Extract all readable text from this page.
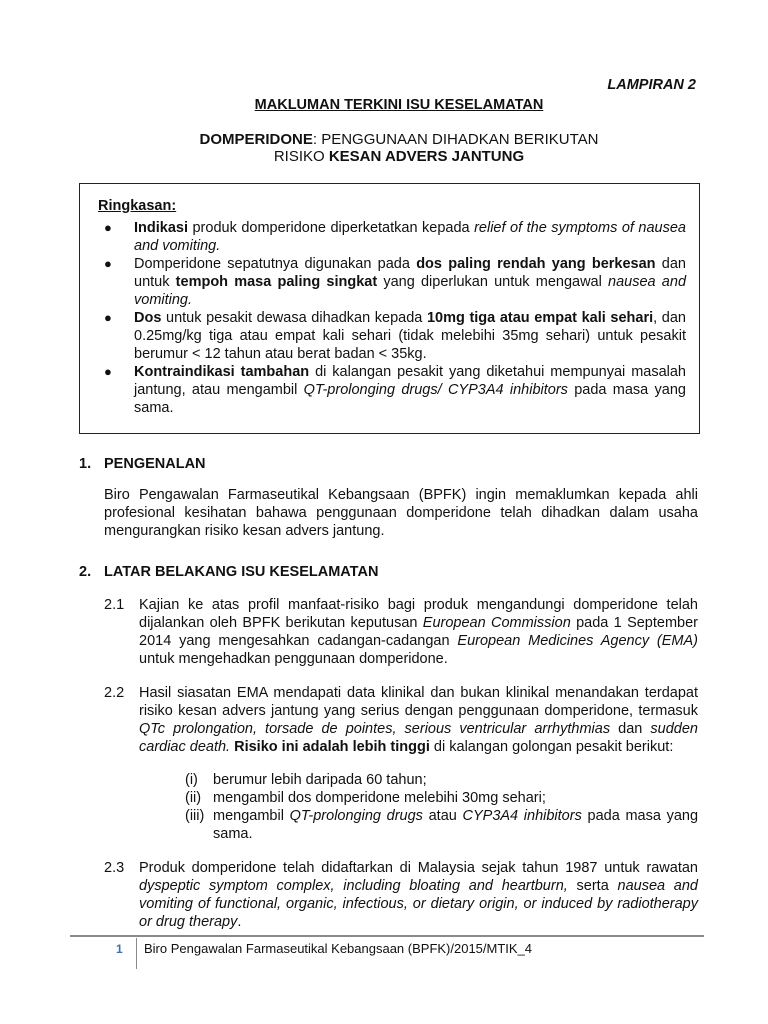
LAMPIRAN 2
MAKLUMAN TERKINI ISU KESELAMATAN
DOMPERIDONE: PENGGUNAAN DIHADKAN BERIKUTAN
RISIKO KESAN ADVERS JANTUNG
Ringkasan:
●	Indikasi produk domperidone diperketatkan kepada relief of the symptoms of nausea and vomiting.
●	Domperidone sepatutnya digunakan pada dos paling rendah yang berkesan dan untuk tempoh masa paling singkat yang diperlukan untuk mengawal nausea and vomiting.
●	Dos untuk pesakit dewasa dihadkan kepada 10mg tiga atau empat kali sehari, dan 0.25mg/kg tiga atau empat kali sehari (tidak melebihi 35mg sehari) untuk pesakit berumur < 12 tahun atau berat badan < 35kg.
●	Kontraindikasi tambahan di kalangan pesakit yang diketahui mempunyai masalah jantung, atau mengambil QT-prolonging drugs/ CYP3A4 inhibitors pada masa yang sama.
1. PENGENALAN
Biro Pengawalan Farmaseutikal Kebangsaan (BPFK) ingin memaklumkan kepada ahli profesional kesihatan bahawa penggunaan domperidone telah dihadkan dalam usaha mengurangkan risiko kesan advers jantung.
2. LATAR BELAKANG ISU KESELAMATAN
2.1 Kajian ke atas profil manfaat-risiko bagi produk mengandungi domperidone telah dijalankan oleh BPFK berikutan keputusan European Commission pada 1 September 2014 yang mengesahkan cadangan-cadangan European Medicines Agency (EMA) untuk mengehadkan penggunaan domperidone.
2.2 Hasil siasatan EMA mendapati data klinikal dan bukan klinikal menandakan terdapat risiko kesan advers jantung yang serius dengan penggunaan domperidone, termasuk QTc prolongation, torsade de pointes, serious ventricular arrhythmias dan sudden cardiac death. Risiko ini adalah lebih tinggi di kalangan golongan pesakit berikut:
(i)	berumur lebih daripada 60 tahun;
(ii) mengambil dos domperidone melebihi 30mg sehari;
(iii) mengambil QT-prolonging drugs atau CYP3A4 inhibitors pada masa yang sama.
2.3 Produk domperidone telah didaftarkan di Malaysia sejak tahun 1987 untuk rawatan dyspeptic symptom complex, including bloating and heartburn, serta nausea and vomiting of functional, organic, infectious, or dietary origin, or induced by radiotherapy or drug therapy.
1 Biro Pengawalan Farmaseutikal Kebangsaan (BPFK)/2015/MTIK_4
